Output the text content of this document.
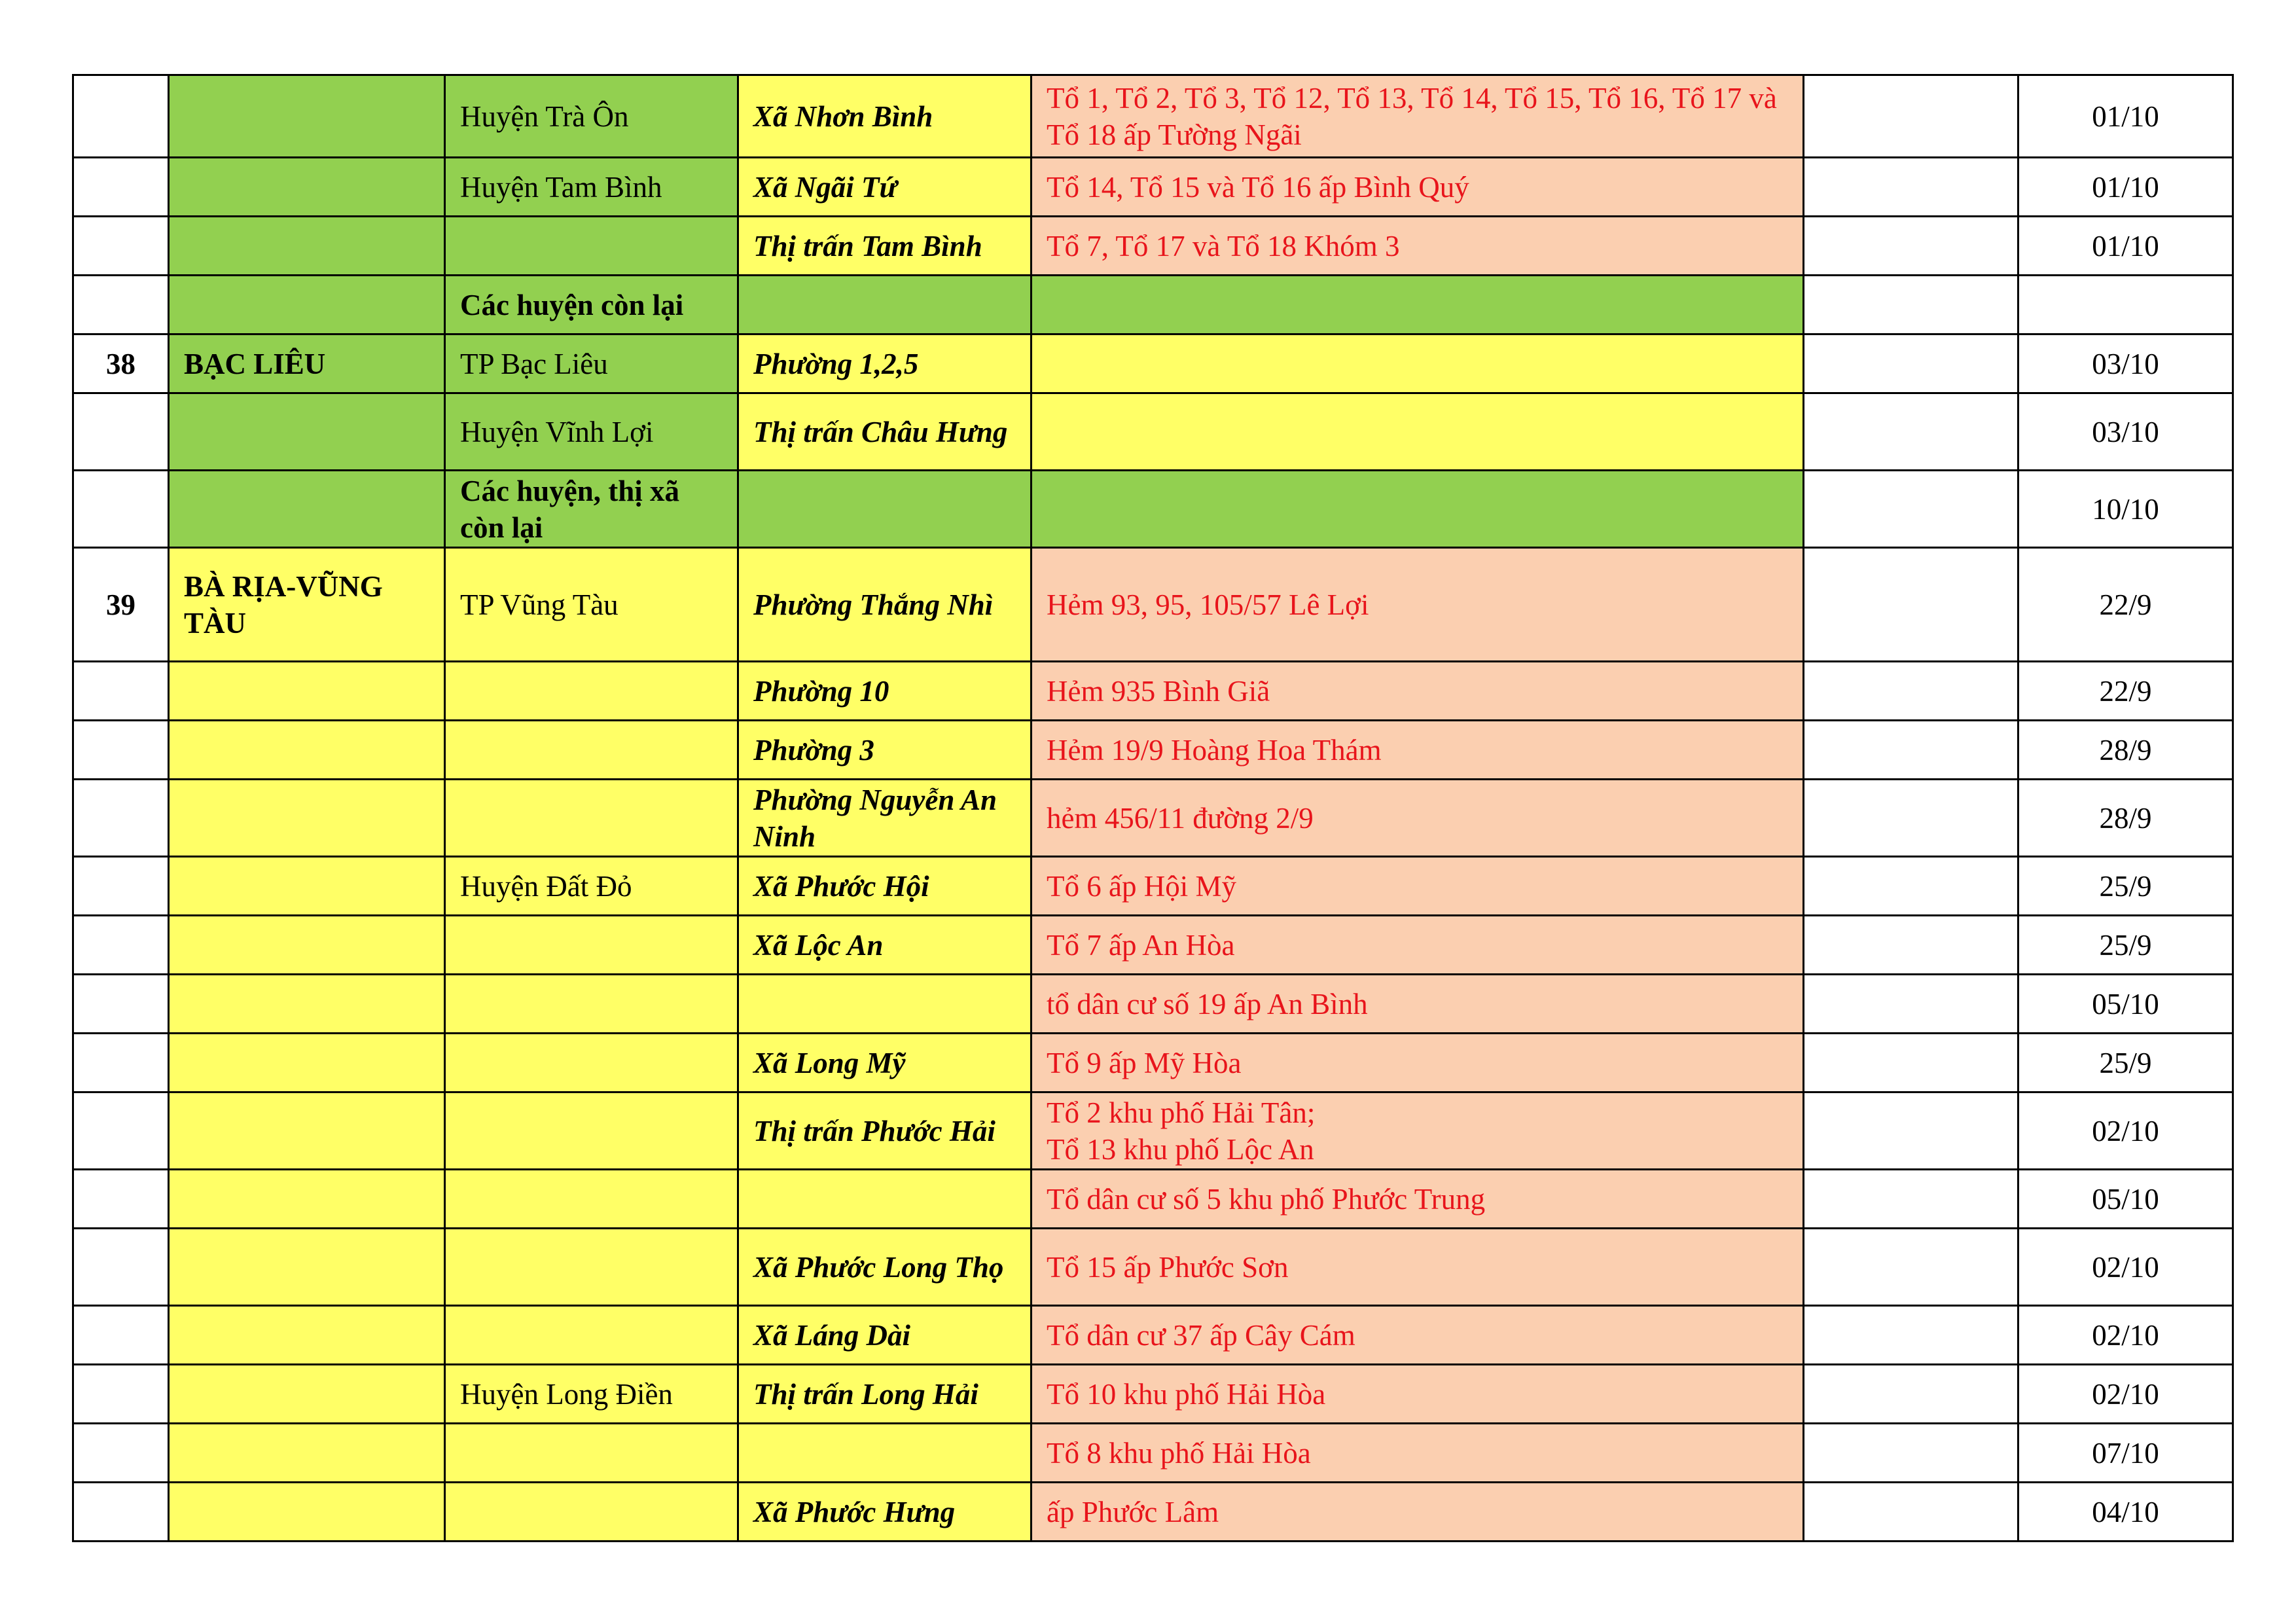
		Huyện Trà Ôn	Xã Nhơn Bình	Tổ 1, Tổ 2, Tổ 3, Tổ 12, Tổ 13, Tổ 14, Tổ 15, Tổ 16, Tổ 17 và Tổ 18 ấp Tường Ngãi		01/10
		Huyện Tam Bình	Xã Ngãi Tứ	Tổ 14, Tổ 15 và Tổ 16 ấp Bình Quý		01/10
			Thị trấn Tam Bình	Tổ 7, Tổ 17 và Tổ 18 Khóm 3		01/10
		Các huyện còn lại				
38	BẠC LIÊU	TP Bạc Liêu	Phường 1,2,5			03/10
		Huyện Vĩnh Lợi	Thị trấn Châu Hưng			03/10
		Các huyện, thị xã còn lại				10/10
39	BÀ RỊA-VŨNG TÀU	TP Vũng Tàu	Phường Thắng Nhì	Hẻm 93, 95, 105/57 Lê Lợi		22/9
			Phường 10	Hẻm 935 Bình Giã		22/9
			Phường 3	Hẻm 19/9 Hoàng Hoa Thám		28/9
			Phường Nguyễn An Ninh	hẻm 456/11 đường 2/9		28/9
		Huyện Đất Đỏ	Xã Phước Hội	Tổ 6 ấp Hội Mỹ		25/9
			Xã Lộc An	Tổ 7 ấp An Hòa		25/9
				tổ dân cư số 19 ấp An Bình		05/10
			Xã Long Mỹ	Tổ 9 ấp Mỹ Hòa		25/9
			Thị trấn Phước Hải	Tổ 2 khu phố Hải Tân;
Tổ 13 khu phố Lộc An		02/10
				Tổ dân cư số 5 khu phố Phước Trung		05/10
			Xã Phước Long Thọ	Tổ 15 ấp Phước Sơn		02/10
			Xã Láng Dài	Tổ dân cư 37 ấp Cây Cám		02/10
		Huyện Long Điền	Thị trấn Long Hải	Tổ 10 khu phố Hải Hòa		02/10
				Tổ 8 khu phố Hải Hòa		07/10
			Xã Phước Hưng	ấp Phước Lâm		04/10
